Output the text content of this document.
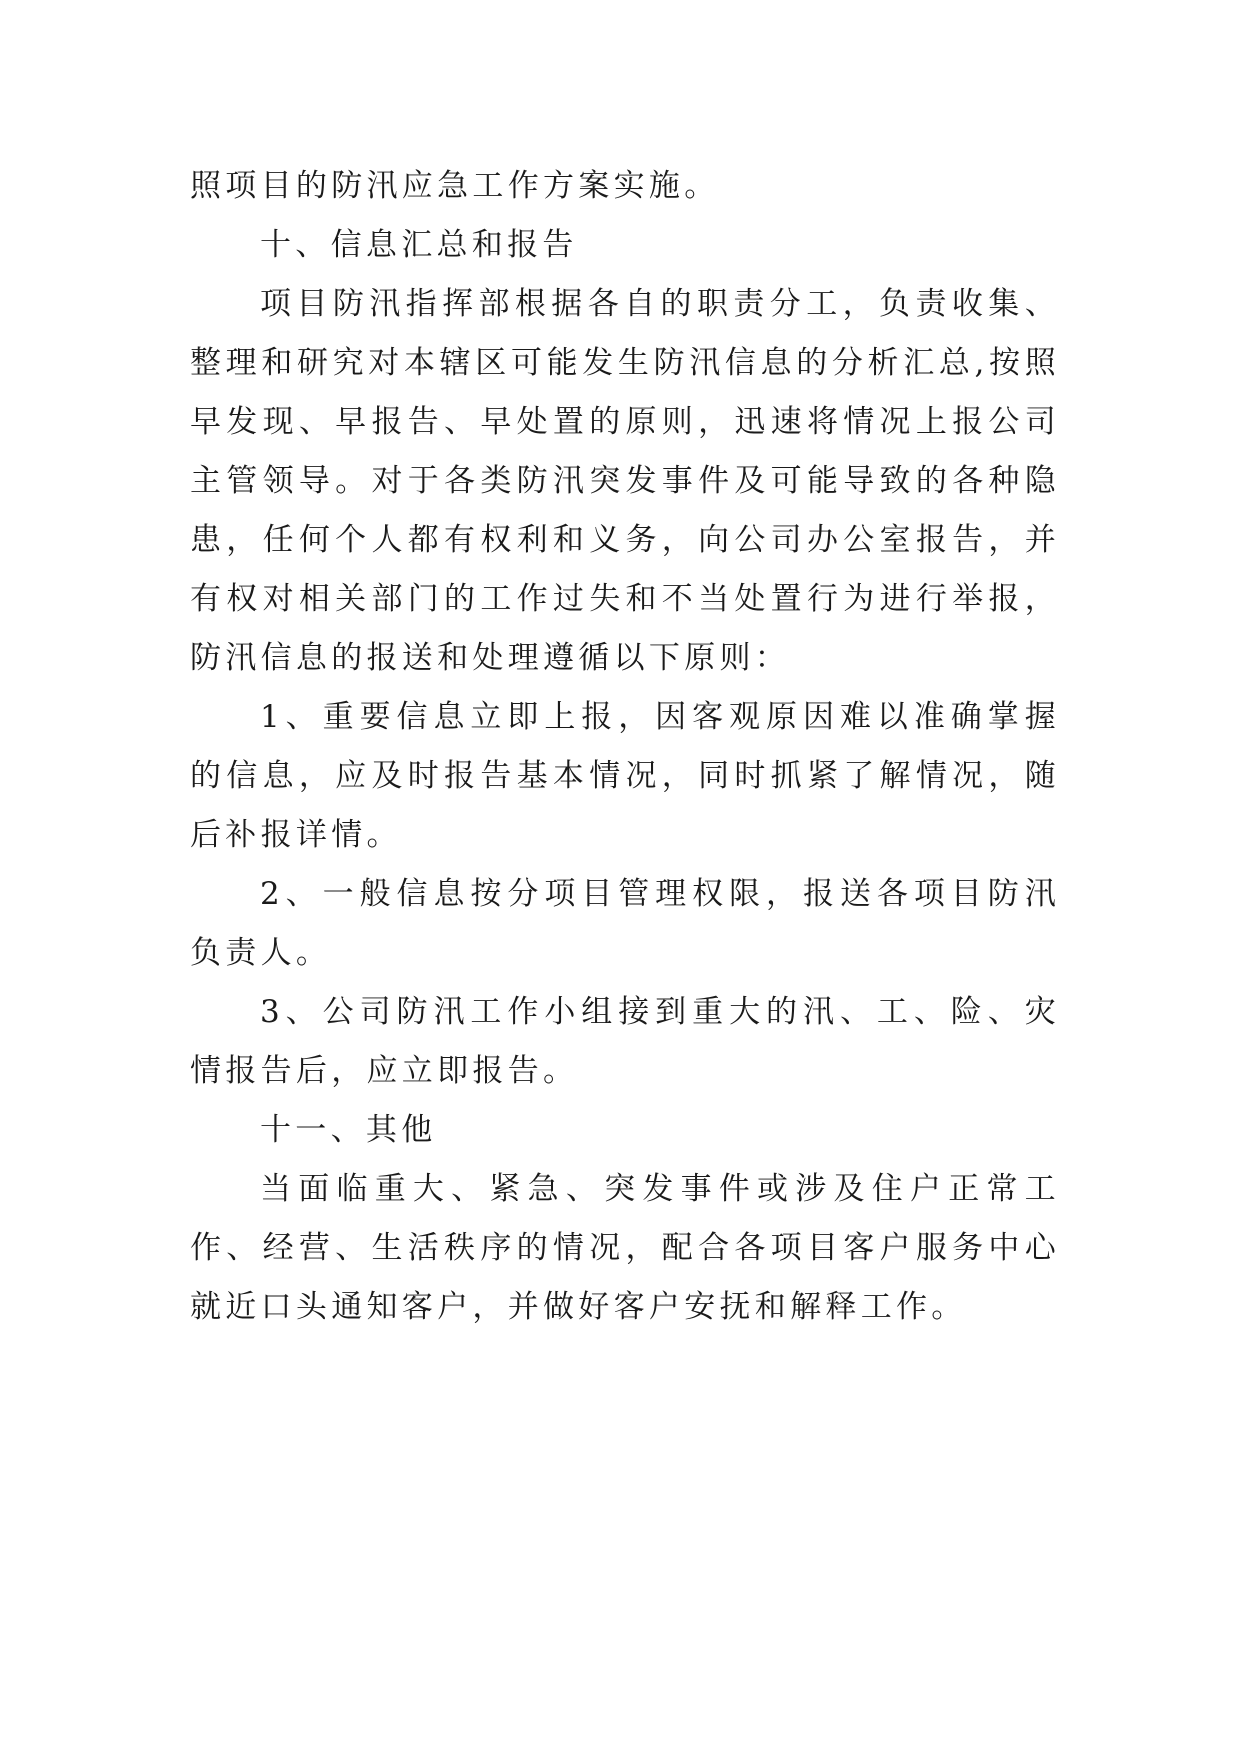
照项目的防汛应急工作方案实施。

十、信息汇总和报告

项目防汛指挥部根据各自的职责分工，负责收集、整理和研究对本辖区可能发生防汛信息的分析汇总,按照早发现、早报告、早处置的原则，迅速将情况上报公司主管领导。对于各类防汛突发事件及可能导致的各种隐患，任何个人都有权利和义务，向公司办公室报告，并有权对相关部门的工作过失和不当处置行为进行举报，防汛信息的报送和处理遵循以下原则：

1、重要信息立即上报，因客观原因难以准确掌握的信息，应及时报告基本情况，同时抓紧了解情况，随后补报详情。

2、一般信息按分项目管理权限，报送各项目防汛负责人。

3、公司防汛工作小组接到重大的汛、工、险、灾情报告后，应立即报告。

十一、其他

当面临重大、紧急、突发事件或涉及住户正常工作、经营、生活秩序的情况，配合各项目客户服务中心就近口头通知客户，并做好客户安抚和解释工作。
